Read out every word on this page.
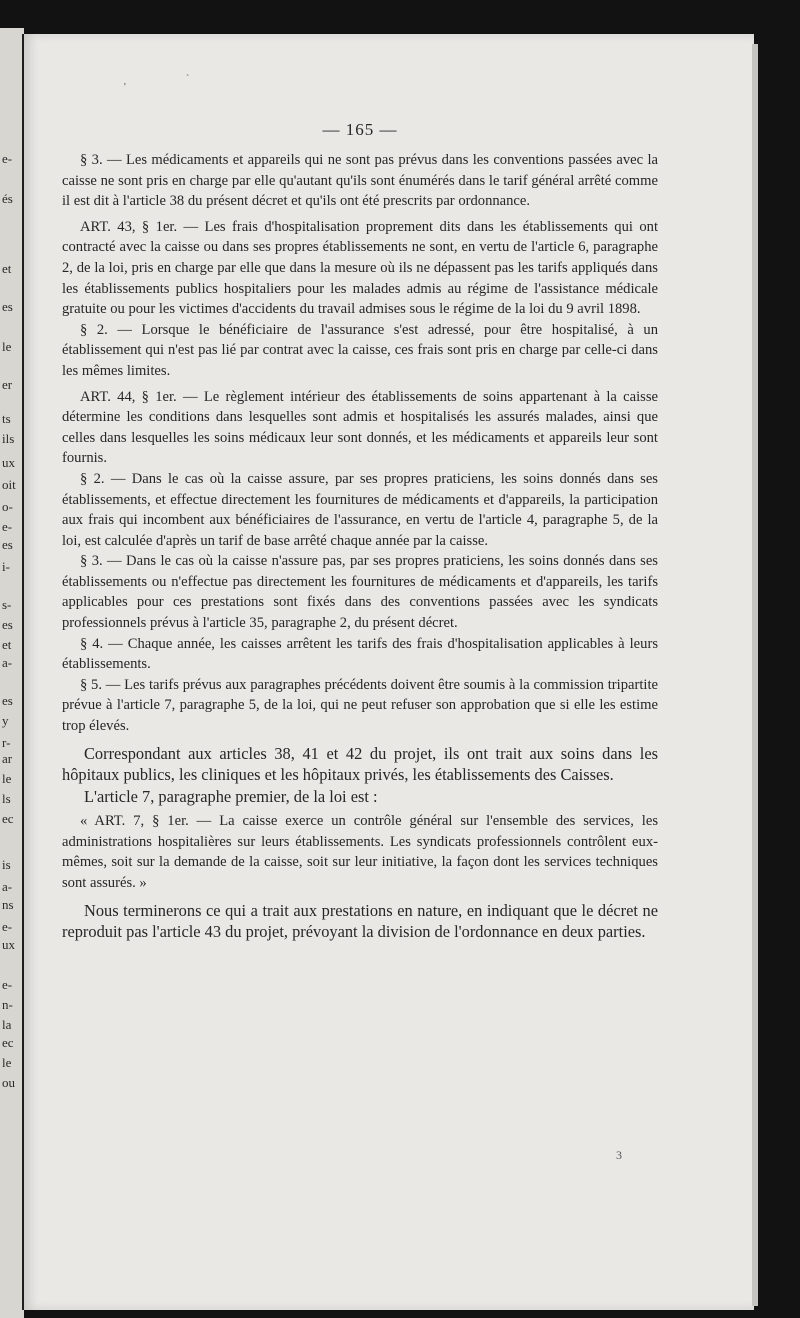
e-
és
et
es
le
er
ts
ils
ux
oit
o-
e-
es
i-
s-
es
et
a-
es
y
r-
ar
le
ls
ec
is
a-
ns
e-
ux
e-
n-
la
ec
le
ou
'
`
— 165 —

§ 3. — Les médicaments et appareils qui ne sont pas prévus dans les conventions passées avec la caisse ne sont pris en charge par elle qu'autant qu'ils sont énumérés dans le tarif général arrêté comme il est dit à l'article 38 du présent décret et qu'ils ont été prescrits par ordonnance.

ART. 43, § 1er. — Les frais d'hospitalisation proprement dits dans les établissements qui ont contracté avec la caisse ou dans ses propres établissements ne sont, en vertu de l'article 6, paragraphe 2, de la loi, pris en charge par elle que dans la mesure où ils ne dépassent pas les tarifs appliqués dans les établissements publics hospitaliers pour les malades admis au régime de l'assistance médicale gratuite ou pour les victimes d'accidents du travail admises sous le régime de la loi du 9 avril 1898.

§ 2. — Lorsque le bénéficiaire de l'assurance s'est adressé, pour être hospitalisé, à un établissement qui n'est pas lié par contrat avec la caisse, ces frais sont pris en charge par celle-ci dans les mêmes limites.

ART. 44, § 1er. — Le règlement intérieur des établissements de soins appartenant à la caisse détermine les conditions dans lesquelles sont admis et hospitalisés les assurés malades, ainsi que celles dans lesquelles les soins médicaux leur sont donnés, et les médicaments et appareils leur sont fournis.

§ 2. — Dans le cas où la caisse assure, par ses propres praticiens, les soins donnés dans ses établissements, et effectue directement les fournitures de médicaments et d'appareils, la participation aux frais qui incombent aux bénéficiaires de l'assurance, en vertu de l'article 4, paragraphe 5, de la loi, est calculée d'après un tarif de base arrêté chaque année par la caisse.

§ 3. — Dans le cas où la caisse n'assure pas, par ses propres praticiens, les soins donnés dans ses établissements ou n'effectue pas directement les fournitures de médicaments et d'appareils, les tarifs applicables pour ces prestations sont fixés dans des conventions passées avec les syndicats professionnels prévus à l'article 35, paragraphe 2, du présent décret.

§ 4. — Chaque année, les caisses arrêtent les tarifs des frais d'hospitalisation applicables à leurs établissements.

§ 5. — Les tarifs prévus aux paragraphes précédents doivent être soumis à la commission tripartite prévue à l'article 7, paragraphe 5, de la loi, qui ne peut refuser son approbation que si elle les estime trop élevés.

Correspondant aux articles 38, 41 et 42 du projet, ils ont trait aux soins dans les hôpitaux publics, les cliniques et les hôpitaux privés, les établissements des Caisses.

L'article 7, paragraphe premier, de la loi est :

« ART. 7, § 1er. — La caisse exerce un contrôle général sur l'ensemble des services, les administrations hospitalières sur leurs établissements. Les syndicats professionnels contrôlent eux-mêmes, soit sur la demande de la caisse, soit sur leur initiative, la façon dont les services techniques sont assurés. »

Nous terminerons ce qui a trait aux prestations en nature, en indiquant que le décret ne reproduit pas l'article 43 du projet, prévoyant la division de l'ordonnance en deux parties.

3
